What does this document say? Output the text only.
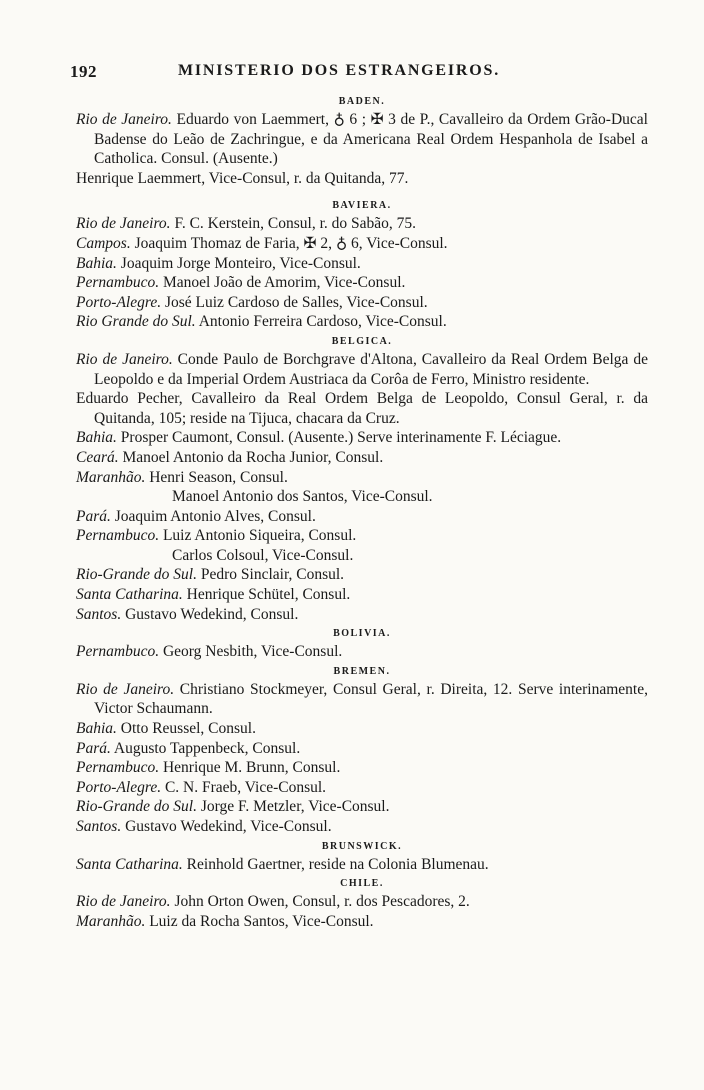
192	MINISTERIO DOS ESTRANGEIROS.
BADEN.
Rio de Janeiro. Eduardo von Laemmert, ♁ 6 ; ✠ 3 de P., Cavalleiro da Ordem Grão-Ducal Badense do Leão de Zachringue, e da Americana Real Ordem Hespanhola de Isabel a Catholica. Consul. (Ausente.)
Henrique Laemmert, Vice-Consul, r. da Quitanda, 77.
BAVIERA.
Rio de Janeiro. F. C. Kerstein, Consul, r. do Sabão, 75.
Campos. Joaquim Thomaz de Faria, ✠ 2, ♁ 6, Vice-Consul.
Bahia. Joaquim Jorge Monteiro, Vice-Consul.
Pernambuco. Manoel João de Amorim, Vice-Consul.
Porto-Alegre. José Luiz Cardoso de Salles, Vice-Consul.
Rio Grande do Sul. Antonio Ferreira Cardoso, Vice-Consul.
BELGICA.
Rio de Janeiro. Conde Paulo de Borchgrave d'Altona, Cavalleiro da Real Ordem Belga de Leopoldo e da Imperial Ordem Austriaca da Corôa de Ferro, Ministro residente.
Eduardo Pecher, Cavalleiro da Real Ordem Belga de Leopoldo, Consul Geral, r. da Quitanda, 105; reside na Tijuca, chacara da Cruz.
Bahia. Prosper Caumont, Consul. (Ausente.) Serve interinamente F. Léciague.
Ceará. Manoel Antonio da Rocha Junior, Consul.
Maranhão. Henri Season, Consul.
Manoel Antonio dos Santos, Vice-Consul.
Pará. Joaquim Antonio Alves, Consul.
Pernambuco. Luiz Antonio Siqueira, Consul.
Carlos Colsoul, Vice-Consul.
Rio-Grande do Sul. Pedro Sinclair, Consul.
Santa Catharina. Henrique Schütel, Consul.
Santos. Gustavo Wedekind, Consul.
BOLIVIA.
Pernambuco. Georg Nesbith, Vice-Consul.
BREMEN.
Rio de Janeiro. Christiano Stockmeyer, Consul Geral, r. Direita, 12. Serve interinamente, Victor Schaumann.
Bahia. Otto Reussel, Consul.
Pará. Augusto Tappenbeck, Consul.
Pernambuco. Henrique M. Brunn, Consul.
Porto-Alegre. C. N. Fraeb, Vice-Consul.
Rio-Grande do Sul. Jorge F. Metzler, Vice-Consul.
Santos. Gustavo Wedekind, Vice-Consul.
BRUNSWICK.
Santa Catharina. Reinhold Gaertner, reside na Colonia Blumenau.
CHILE.
Rio de Janeiro. John Orton Owen, Consul, r. dos Pescadores, 2.
Maranhão. Luiz da Rocha Santos, Vice-Consul.
